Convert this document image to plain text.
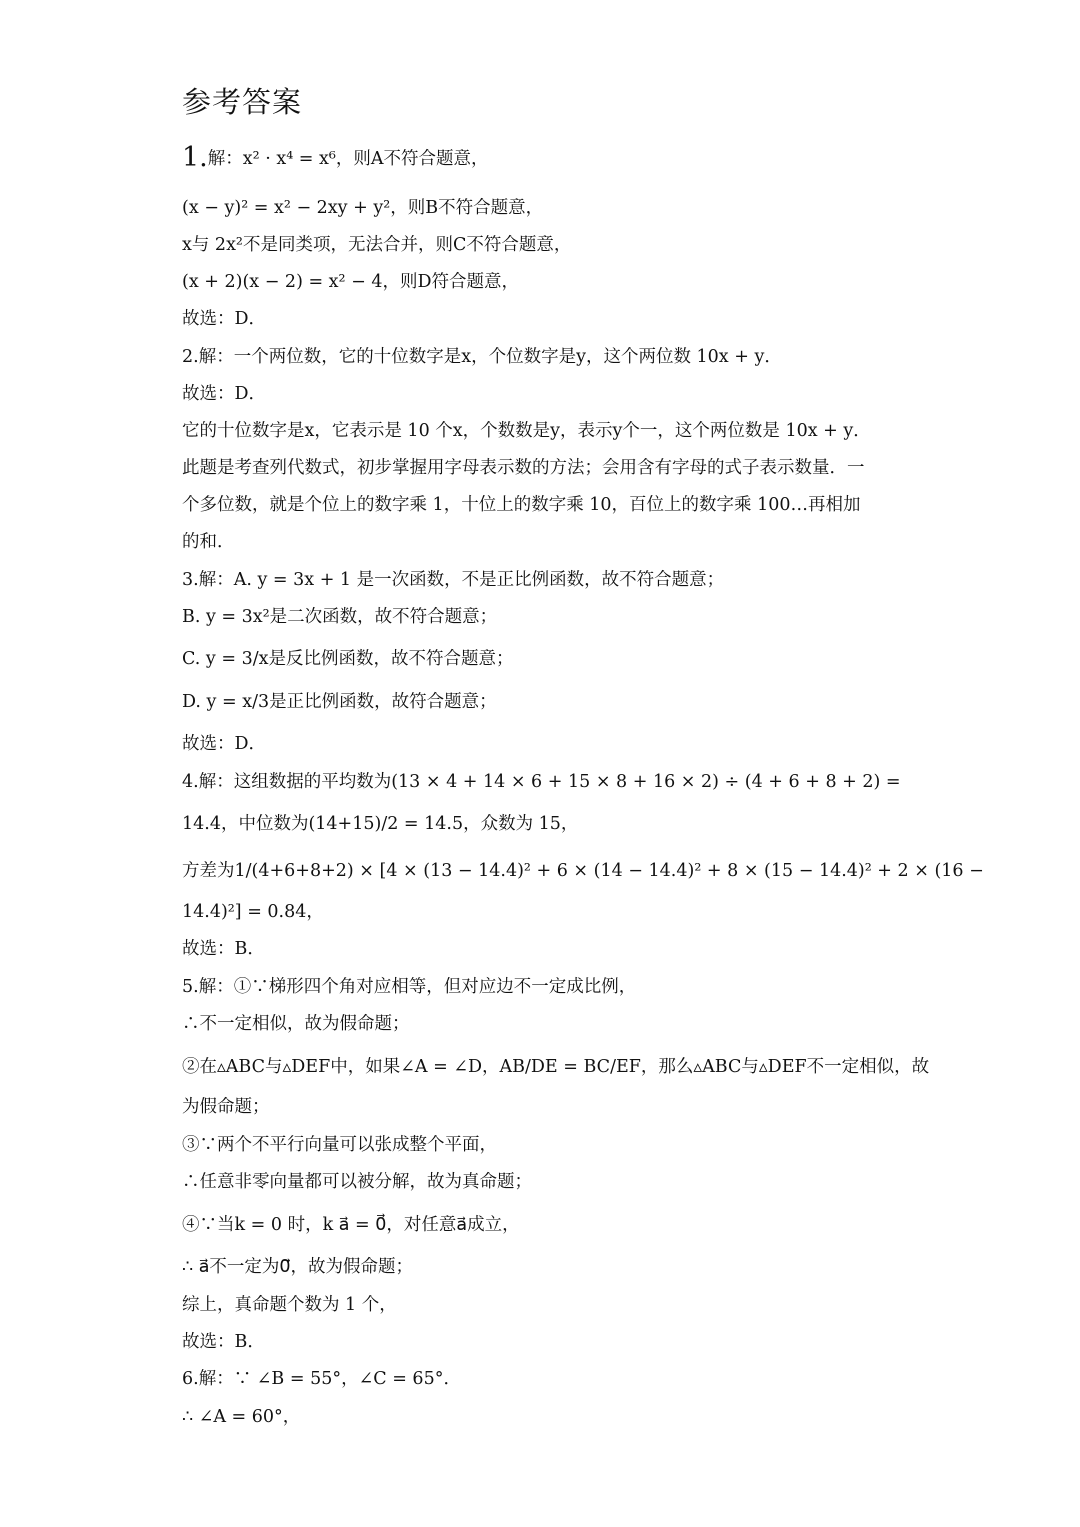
参考答案
1.解：x² · x⁴ = x⁶，则A不符合题意，
(x − y)² = x² − 2xy + y²，则B不符合题意，
x与 2x²不是同类项，无法合并，则C不符合题意，
(x + 2)(x − 2) = x² − 4，则D符合题意，
故选：D．
2.解：一个两位数，它的十位数字是x，个位数字是y，这个两位数 10x + y．
故选：D．
它的十位数字是x，它表示是 10 个x，个数数是y，表示y个一，这个两位数是 10x + y．
此题是考查列代数式，初步掌握用字母表示数的方法；会用含有字母的式子表示数量．一
个多位数，就是个位上的数字乘 1，十位上的数字乘 10，百位上的数字乘 100…再相加
的和．
3.解：A. y = 3x + 1 是一次函数，不是正比例函数，故不符合题意；
B. y = 3x²是二次函数，故不符合题意；
C. y = 3/x是反比例函数，故不符合题意；
D. y = x/3是正比例函数，故符合题意；
故选：D．
4.解：这组数据的平均数为(13 × 4 + 14 × 6 + 15 × 8 + 16 × 2) ÷ (4 + 6 + 8 + 2) =
14.4，中位数为(14+15)/2 = 14.5，众数为 15，
方差为1/(4+6+8+2) × [4 × (13 − 14.4)² + 6 × (14 − 14.4)² + 8 × (15 − 14.4)² + 2 × (16 −
14.4)²] = 0.84，
故选：B．
5.解：①∵梯形四个角对应相等，但对应边不一定成比例，
∴不一定相似，故为假命题；
②在▵ABC与▵DEF中，如果∠A = ∠D，AB/DE = BC/EF，那么▵ABC与▵DEF不一定相似，故
为假命题；
③∵两个不平行向量可以张成整个平面，
∴任意非零向量都可以被分解，故为真命题；
④∵当k = 0 时，k a⃗ = 0⃗，对任意a⃗成立，
∴ a⃗不一定为0⃗，故为假命题；
综上，真命题个数为 1 个，
故选：B．
6.解：∵ ∠B = 55°，∠C = 65°．
∴ ∠A = 60°，
